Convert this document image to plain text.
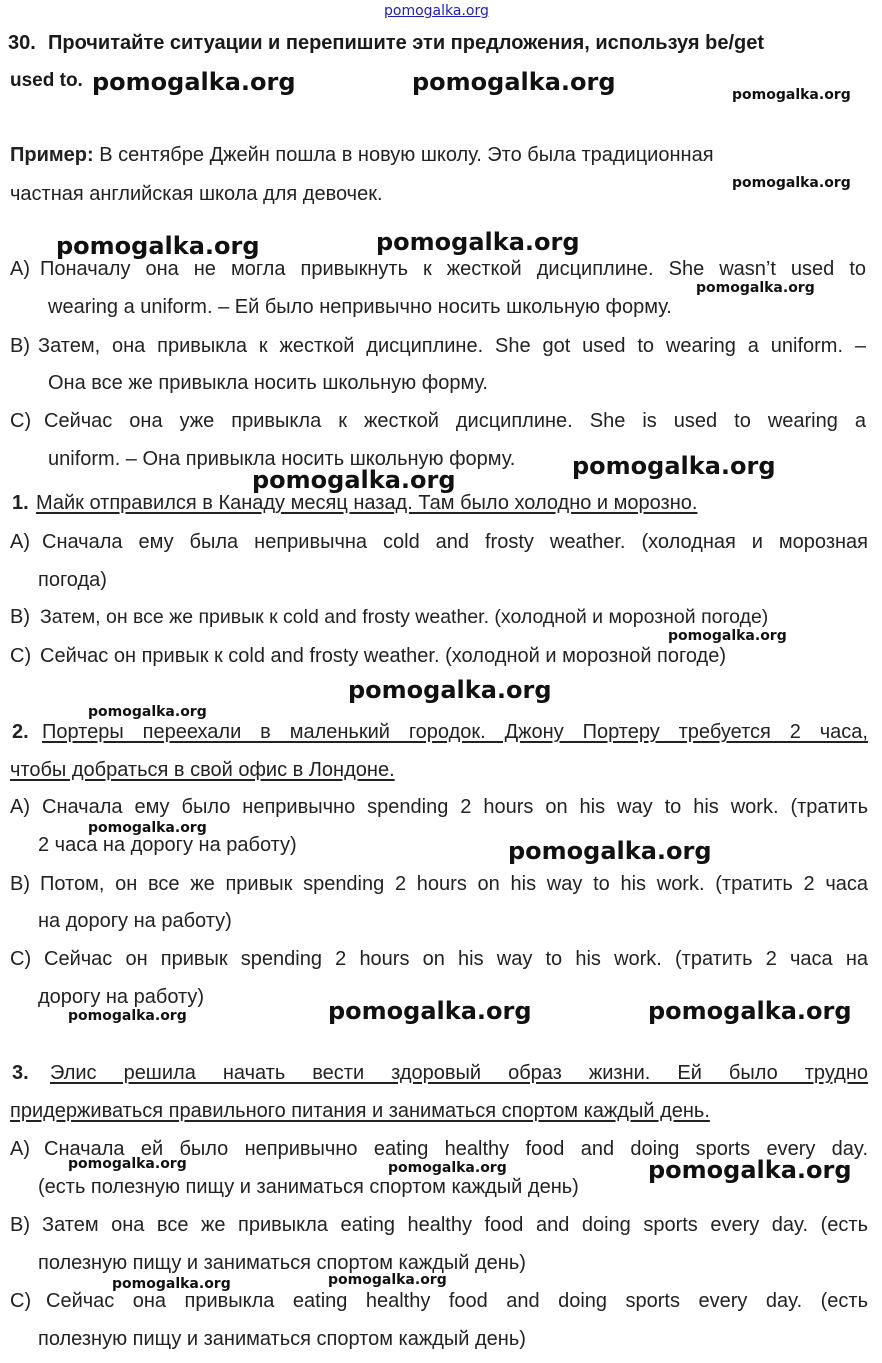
pomogalka.org
30. Прочитайте ситуации и перепишите эти предложения, используя be/get
used to.
Пример: В сентябре Джейн пошла в новую школу. Это была традиционная
частная английская школа для девочек.
A) Поначалу она не могла привыкнуть к жесткой дисциплине. She wasn’t used to
wearing a uniform. – Ей было непривычно носить школьную форму.
B) Затем, она привыкла к жесткой дисциплине. She got used to wearing a uniform. –
Она все же привыкла носить школьную форму.
C) Сейчас она уже привыкла к жесткой дисциплине. She is used to wearing a
uniform. – Она привыкла носить школьную форму.
1. Майк отправился в Канаду месяц назад. Там было холодно и морозно.
A) Сначала ему была непривычна cold and frosty weather. (холодная и морозная
погода)
B) Затем, он все же привык к cold and frosty weather. (холодной и морозной погоде)
C) Сейчас он привык к cold and frosty weather. (холодной и морозной погоде)
2. Портеры переехали в маленький городок. Джону Портеру требуется 2 часа,
чтобы добраться в свой офис в Лондоне.
A) Сначала ему было непривычно spending 2 hours on his way to his work. (тратить
2 часа на дорогу на работу)
B) Потом, он все же привык spending 2 hours on his way to his work. (тратить 2 часа
на дорогу на работу)
C) Сейчас он привык spending 2 hours on his way to his work. (тратить 2 часа на
дорогу на работу)
3. Элис решила начать вести здоровый образ жизни. Ей было трудно
придерживаться правильного питания и заниматься спортом каждый день.
A) Сначала ей было непривычно eating healthy food and doing sports every day.
(есть полезную пищу и заниматься спортом каждый день)
B) Затем она все же привыкла eating healthy food and doing sports every day. (есть
полезную пищу и заниматься спортом каждый день)
C) Сейчас она привыкла eating healthy food and doing sports every day. (есть
полезную пищу и заниматься спортом каждый день)
pomogalka.org	pomogalka.org	pomogalka.org
pomogalka.org
pomogalka.org	pomogalka.org
pomogalka.org
pomogalka.org
pomogalka.org
pomogalka.org
pomogalka.org
pomogalka.org
pomogalka.org
pomogalka.org
pomogalka.org	pomogalka.org	pomogalka.org
pomogalka.org	pomogalka.org	pomogalka.org
pomogalka.org	pomogalka.org
